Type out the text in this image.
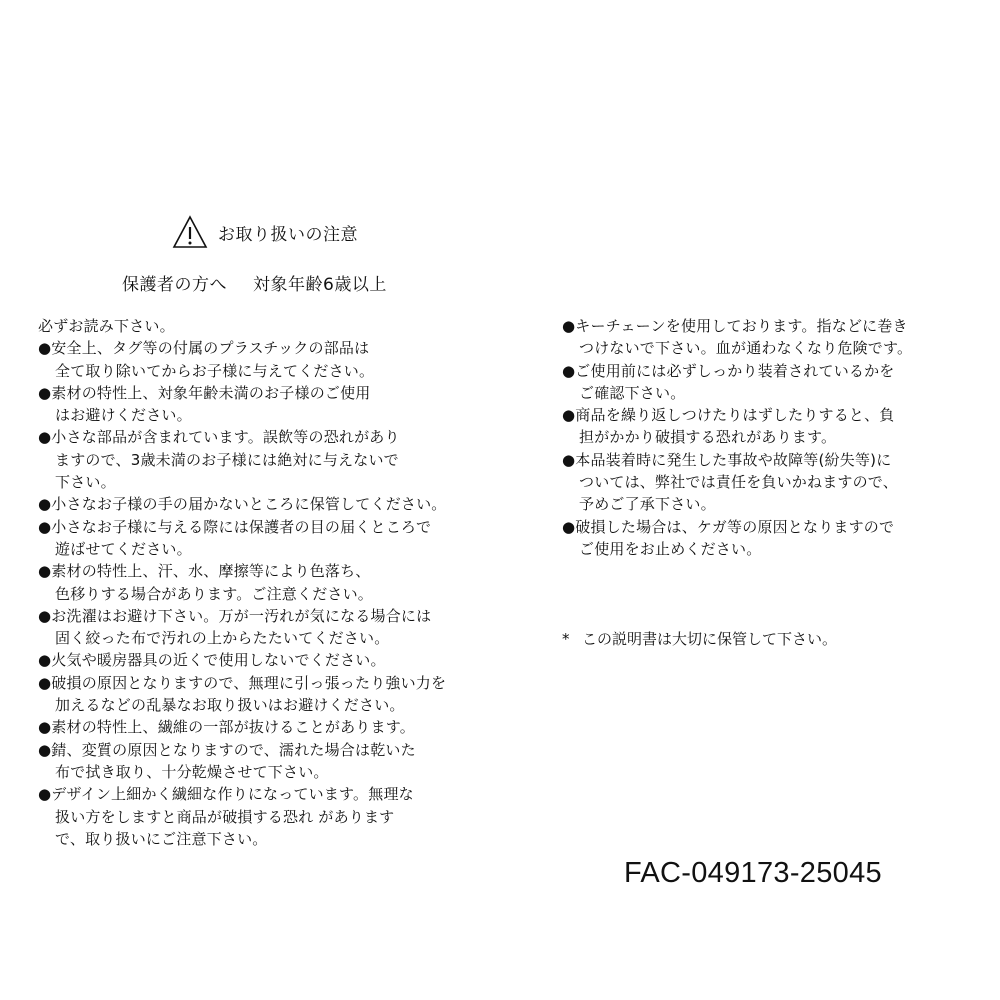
お取り扱いの注意
保護者の方へ 対象年齢6歳以上
必ずお読み下さい。
●安全上、タグ等の付属のプラスチックの部品は
全て取り除いてからお子様に与えてください。
●素材の特性上、対象年齢未満のお子様のご使用
はお避けください。
●小さな部品が含まれています。誤飲等の恐れがあり
ますので、3歳未満のお子様には絶対に与えないで
下さい。
●小さなお子様の手の届かないところに保管してください。
●小さなお子様に与える際には保護者の目の届くところで
遊ばせてください。
●素材の特性上、汗、水、摩擦等により色落ち、
色移りする場合があります。ご注意ください。
●お洗濯はお避け下さい。万が一汚れが気になる場合には
固く絞った布で汚れの上からたたいてください。
●火気や暖房器具の近くで使用しないでください。
●破損の原因となりますので、無理に引っ張ったり強い力を
加えるなどの乱暴なお取り扱いはお避けください。
●素材の特性上、繊維の一部が抜けることがあります。
●錆、変質の原因となりますので、濡れた場合は乾いた
布で拭き取り、十分乾燥させて下さい。
●デザイン上細かく繊細な作りになっています。無理な
扱い方をしますと商品が破損する恐れ があります
で、取り扱いにご注意下さい。
●キーチェーンを使用しております。指などに巻き
つけないで下さい。血が通わなくなり危険です。
●ご使用前には必ずしっかり装着されているかを
ご確認下さい。
●商品を繰り返しつけたりはずしたりすると、負
担がかかり破損する恐れがあります。
●本品装着時に発生した事故や故障等(紛失等)に
ついては、弊社では責任を負いかねますので、
予めご了承下さい。
●破損した場合は、ケガ等の原因となりますので
ご使用をお止めください。
* この説明書は大切に保管して下さい。
FAC-049173-25045
